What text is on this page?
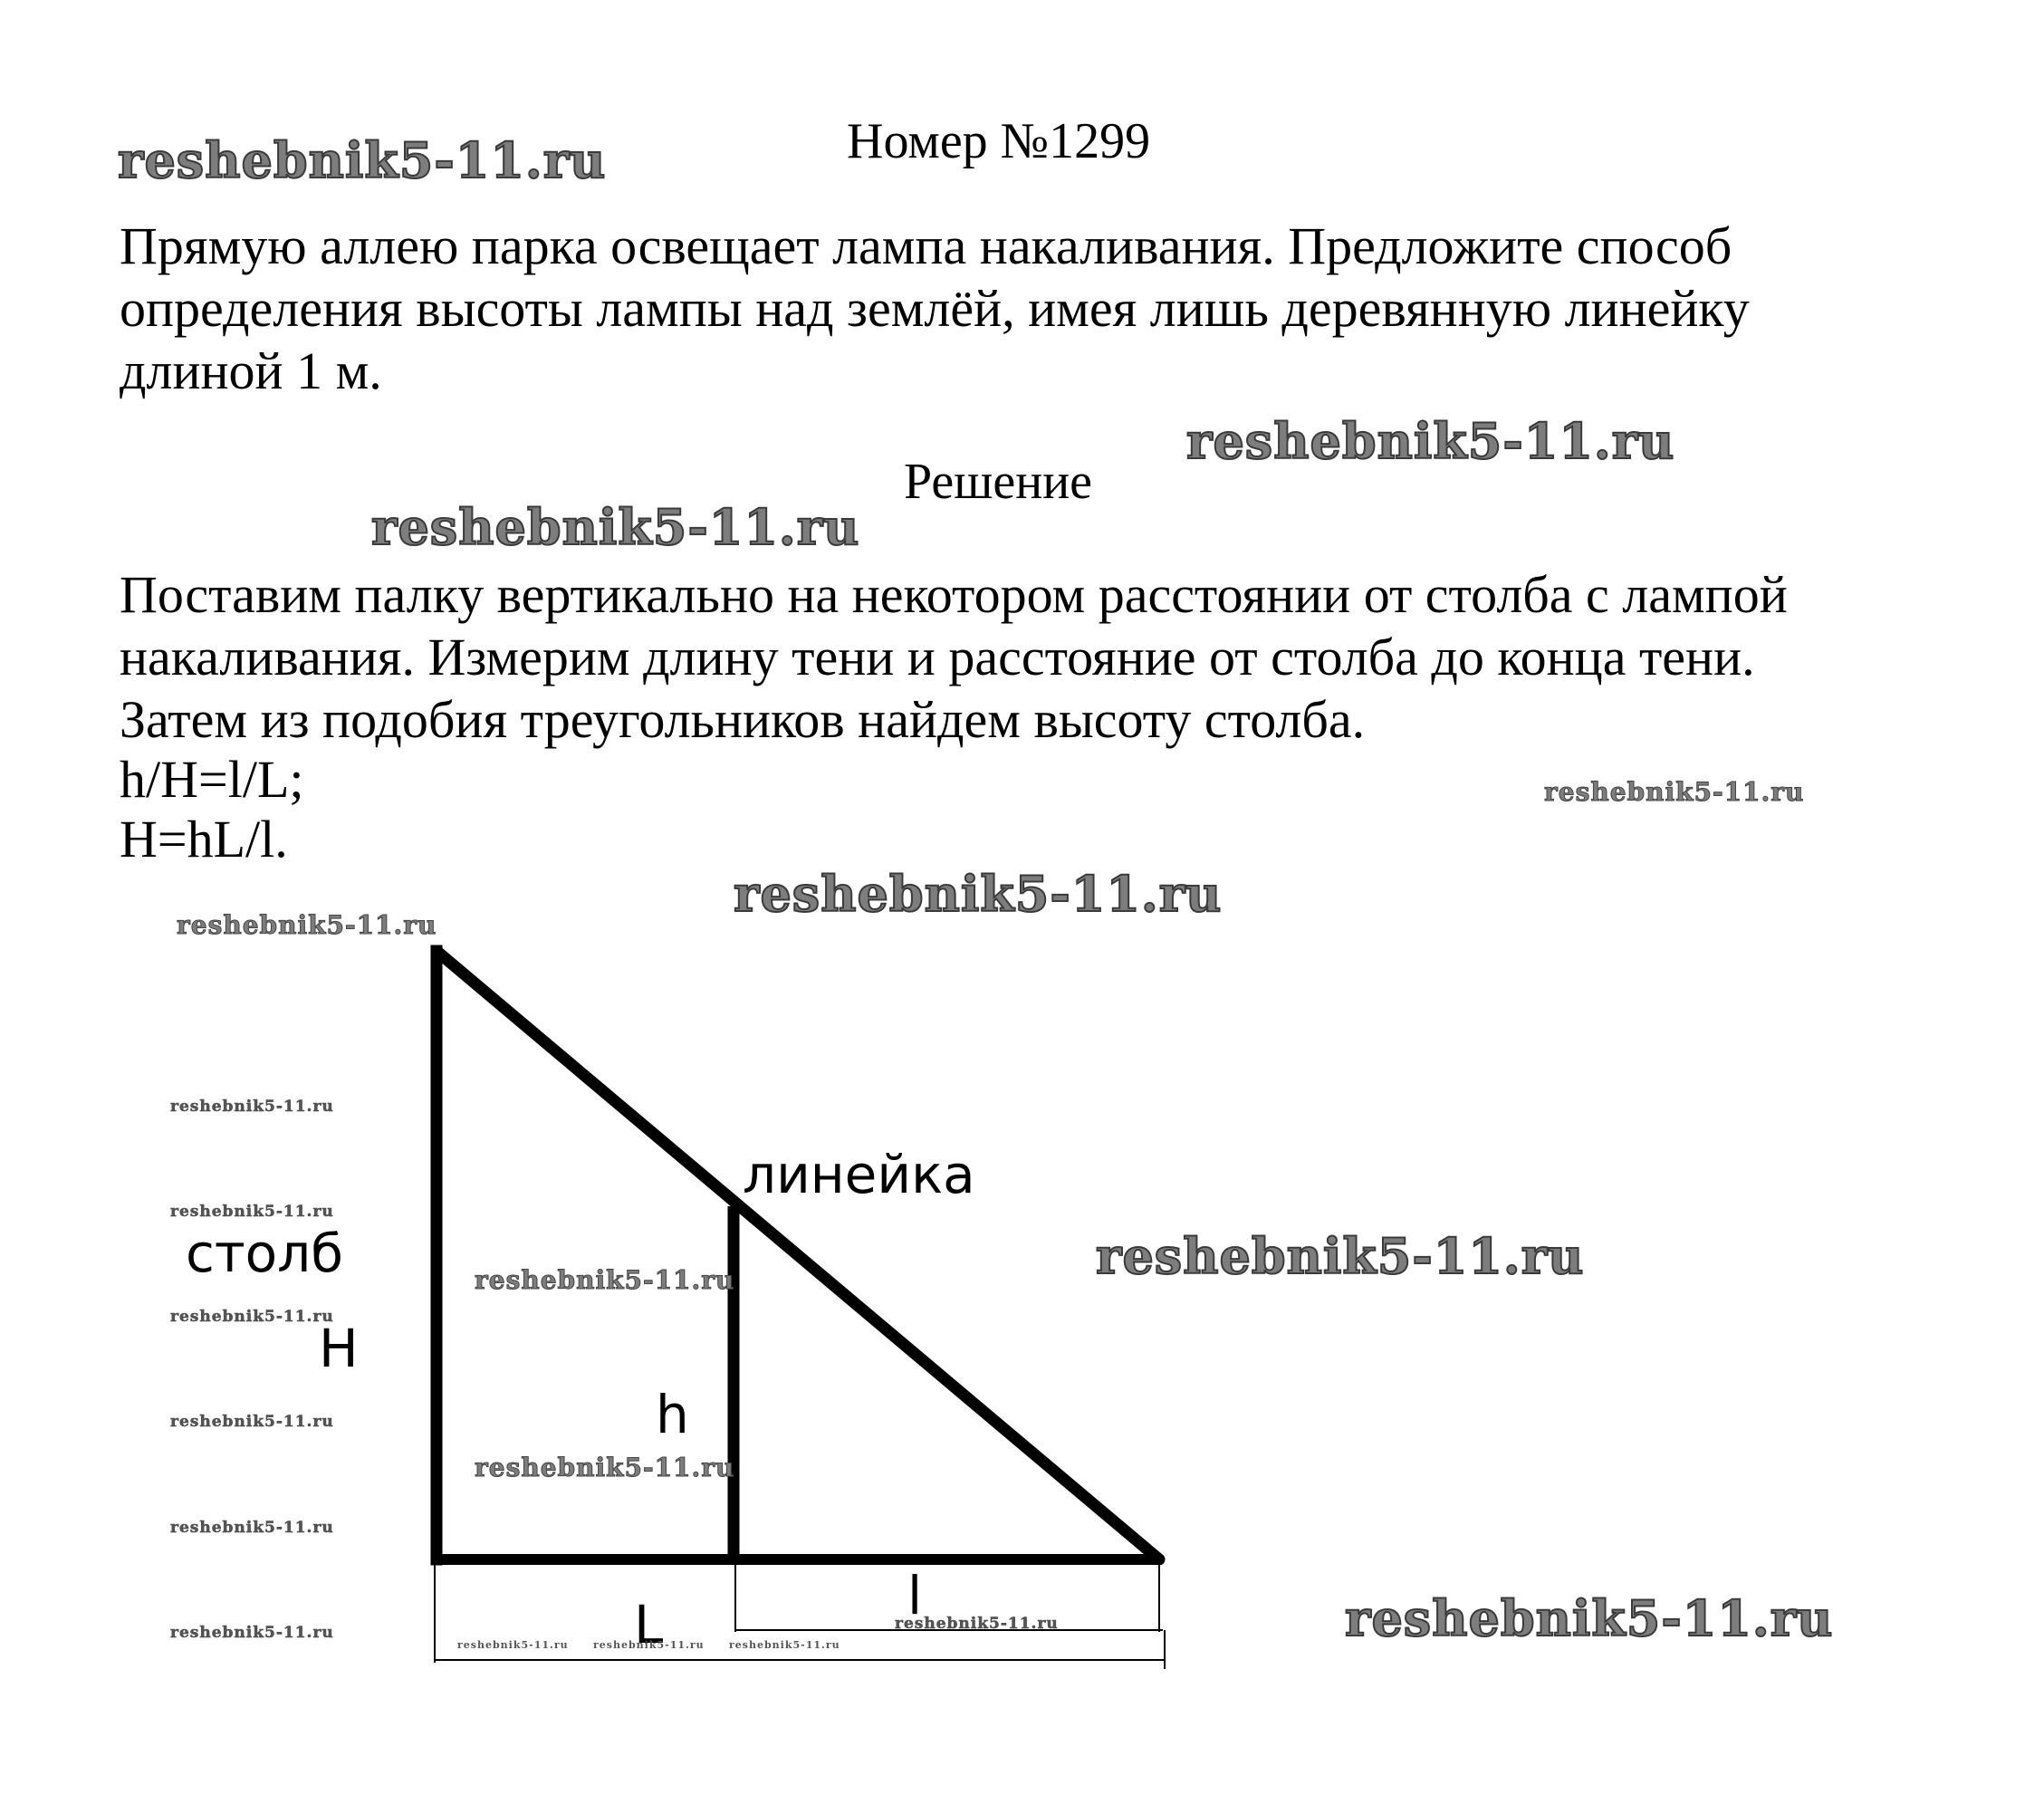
Номер №1299
Прямую аллею парка освещает лампа накаливания. Предложите способ
определения высоты лампы над землёй, имея лишь деревянную линейку
длиной 1 м.
Решение
Поставим палку вертикально на некотором расстоянии от столба с лампой
накаливания. Измерим длину тени и расстояние от столба до конца тени.
Затем из подобия треугольников найдем высоту столба.
h/H=l/L;
H=hL/l.
линейка
столб
H
h
L	l
reshebnik5-11.ru
reshebnik5-11.ru
reshebnik5-11.ru
reshebnik5-11.ru
reshebnik5-11.ru
reshebnik5-11.ru
reshebnik5-11.ru
reshebnik5-11.ru
reshebnik5-11.ru	reshebnik5-11.ru
reshebnik5-11.ru
reshebnik5-11.ru
reshebnik5-11.ru
reshebnik5-11.ru
reshebnik5-11.ru
reshebnik5-11.ru	reshebnik5-11.ru
reshebnik5-11.ru reshebnik5-11.ru reshebnik5-11.ru
